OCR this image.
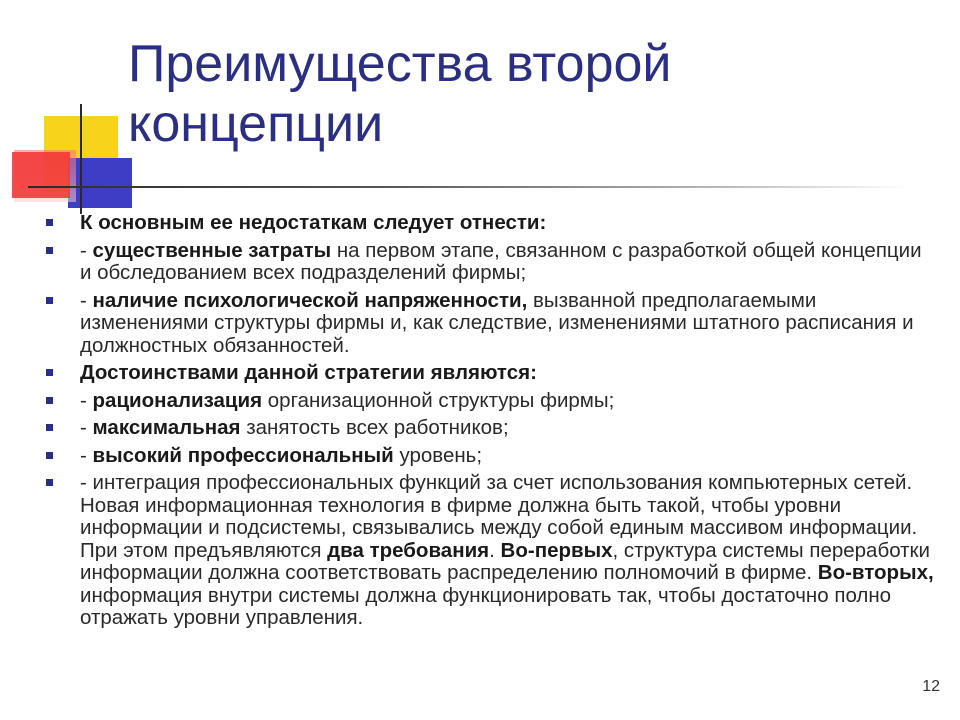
Преимущества второй концепции
К основным ее недостаткам следует отнести:
- существенные затраты на первом этапе, связанном с разработкой общей концепции и обследованием всех подразделений фирмы;
- наличие психологической напряженности, вызванной предполагаемыми изменениями структуры фирмы и, как следствие, изменениями штатного расписания и должностных обязанностей.
Достоинствами данной стратегии являются:
- рационализация организационной структуры фирмы;
- максимальная занятость всех работников;
- высокий профессиональный уровень;
- интеграция профессиональных функций за счет использования компьютерных сетей. Новая информационная технология в фирме должна быть такой, чтобы уровни информации и подсистемы, связывались между собой единым массивом информации. При этом предъявляются два требования. Во-первых, структура системы переработки информации должна соответствовать распределению полномочий в фирме. Во-вторых, информация внутри системы должна функционировать так, чтобы достаточно полно отражать уровни управления.
12
